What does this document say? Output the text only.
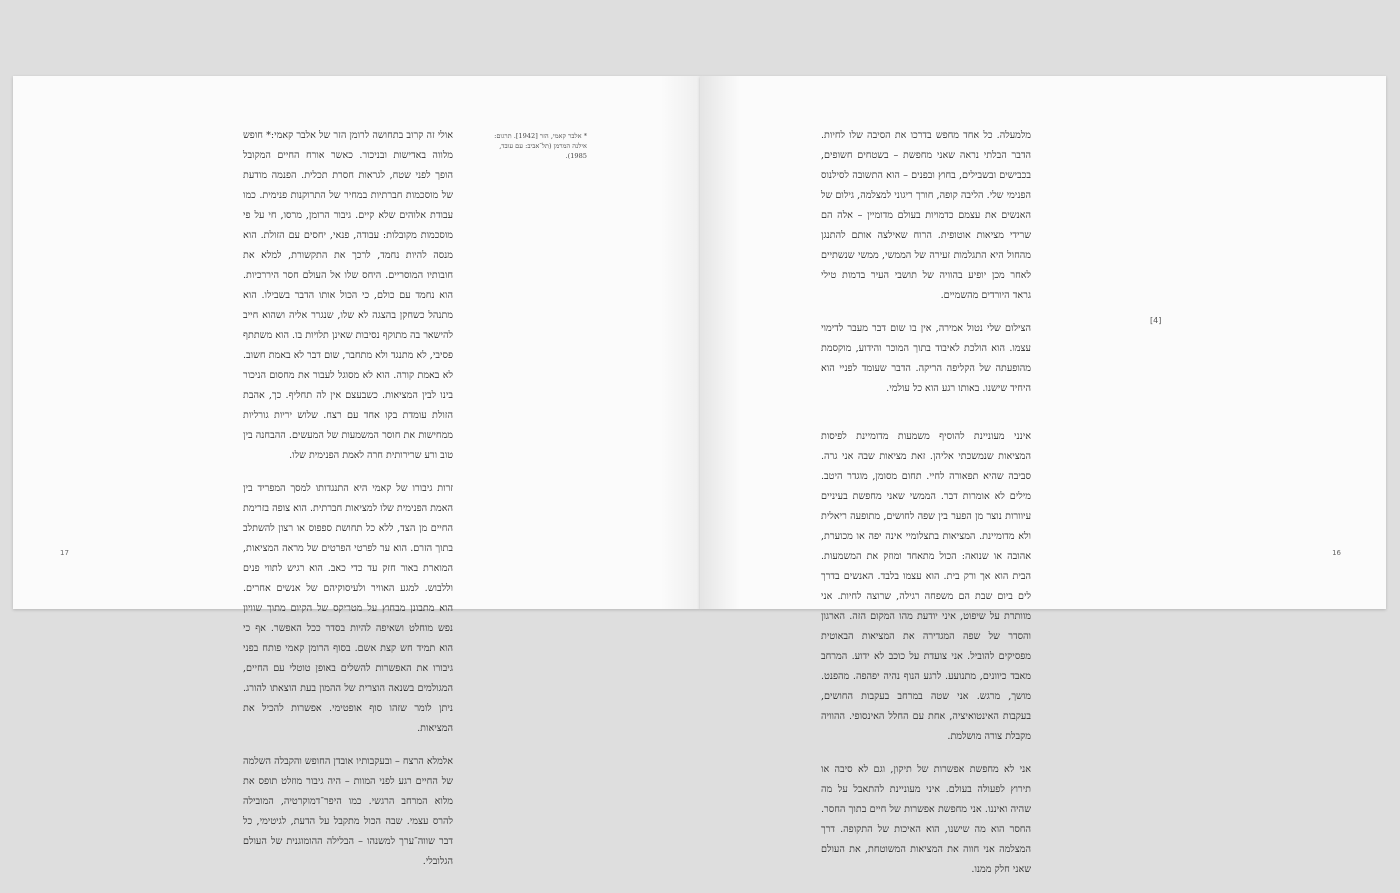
* אלבר קאמי, הזר [1942]. תרגום: אילנה המרמן (תל־אביב: עם עובד, 1985).

אולי זה קרוב בתחושה לרומן הזר של אלבר קאמי:* חופש מלווה באדישות ובניכור. כאשר אורח החיים המקובל הופך לפני שטח, לגראות חסרת תכלית. הפנמה מודעת של מוסכמות חברתיות במחיר של התרוקנות פנימית. כמו עבודת אלוהים שלא קיים. גיבור הרומן, מרסו, חי על פי מוסכמות מקובלות: עבודה, פנאי, יחסים עם הזולת. הוא מנסה להיות נחמד, לרכך את התקשורת, למלא את חובותיו המוסריים. היחס שלו אל העולם חסר היררכיות. הוא נחמד עם כולם, כי הכול אותו הדבר בשבילו. הוא מתנהל כשחקן בהצגה לא שלו, שנגרר אליה ושהוא חייב להישאר בה מתוקף נסיבות שאינן תלויות בו. הוא משתתף פסיבי, לא מתנגד ולא מתחבר, שום דבר לא באמת חשוב. לא באמת קורה. הוא לא מסוגל לעבור את מחסום הניכור בינו לבין המציאות. כשבעצם אין לה תחליף. כך, אהבת הזולת עומדת בקו אחד עם רצח. שלוש יריות גורליות ממחישות את חוסר המשמעות של המעשים. ההבחנה בין טוב ורע שרירותית חרה לאמת הפנימית שלו.

זרות גיבורו של קאמי היא התנגדותו למסך המפריד בין האמת הפנימית שלו למציאות חברתית. הוא צופה בזרימת החיים מן הצד, ללא כל תחושת ספפוס או רצון להשתלב בתוך הזרם. הוא ער לפרטי הפרטים של מראה המציאות, המוארת באור חזק עד כדי כאב. הוא רגיש לתווי פנים וללבוש. למגע האוויר ולעיסוקיהם של אנשים אחרים. הוא מתבונן מבחוץ על מטריקס של הקיום מתוך שוויון נפש מוחלט ושאיפה להיות בסדר ככל האפשר. אף כי הוא תמיד חש קצת אשם. בסוף הרומן קאמי פותח בפני גיבורו את האפשרות להשלים באופן טוטלי עם החיים, המגולמים בשנאה הוצרית של ההמון בעת הוצאתו להורג. ניתן לומר שזהו סוף אופטימי. אפשרות להכיל את המציאות.

אלמלא הרצח – ובעקבותיו אובדן החופש והקבלה השלמה של החיים רגע לפני המוות – היה גיבור מוזלט תופס את מלוא המרחב הרגשי. כמו היפר־דמוקרטיה, המובילה להרס עצמי. שבה הכול מתקבל על הדעת, לגיטימי, כל דבר שווה־ערך למשנהו – הבלילה ההומוגנית של העולם הגלובלי.

17

מלמעלה. כל אחד מחפש בדרכו את הסיבה שלו לחיות. הדבר הבלתי נראה שאני מחפשת – בשטחים חשופים, בכבישים ובשבילים, בחוץ ובפנים – הוא התשובה לסילנוס הפנימי שלי. הליבה קופה, חורך ריגוני למצלמה, גילום של האנשים את עצמם כדמויות בעולם מדומיין – אלה הם שרידי מציאות אוטופית. הרוח שאילצה אותם להתנגן מהחול היא התגלמות זעירה של הממשי, ממשי שנשתיים לאחר מכן יופיע בהוויה של תושבי העיר בדמות טילי גראד היורדים מהשמיים.

הצילום שלי נטול אמירה, אין בו שום דבר מעבר לדימוי עצמו. הוא הולכת לאיבוד בתוך המוכר והידוע, מוקסמת מהופעתה של הקליפה הריקה. הדבר שעומד לפניי הוא היחיד שישנו. באותו רגע הוא כל עולמי.

אינני מעוניינת להוסיף משמעות מדומיינת לפיסות המציאות שנמשכתי אליהן. זאת מציאות שבה אני גרה. סביבה שהיא תפאורה לחיי. תחום מסומן, מוגדר היטב. מילים לא אומרות דבר. הממשי שאני מחפשת בעיניים עיוורות נוצר מן הפער בין שפה לחושים, מתופעה ריאלית ולא מדומיינת. המציאות בתצלומיי אינה יפה או מכוערת, אהובה או שנואה: הכול מתאחד ומוזק את המשמעות. הבית הוא אך ורק בית. הוא עצמו בלבד. האנשים בדרך לים ביום שבת הם משפחה רגילה, שרוצה לחיות. אני מוותרת על שיפוט, איני יודעת מהו המקום הזה. הארגון והסדר של שפה המגדירה את המציאות הבאוטית מפסיקים להוביל. אני צועדת על כוכב לא ידוע. המרחב מאבד כיוונים, מתנועע. לרגע הנוף נהיה יפהפה. מהפנט. מושך, מרגש. אני שטה במרחב בעקבות החושים, בעקבות האינטואיציה, אחת עם החלל האינסופי. ההוויה מקבלת צורה מושלמת.

אני לא מחפשת אפשרות של תיקון, וגם לא סיבה או תירוץ לפעולה בעולם. איני מעוניינת להתאבל על מה שהיה ואיננו. אני מחפשת אפשרות של חיים בתוך החסר. החסר הוא מה שישנו, הוא האיכות של התקופה. דרך המצלמה אני חווה את המציאות המשוטחת, את העולם שאני חלק ממנו.

[4]
16
